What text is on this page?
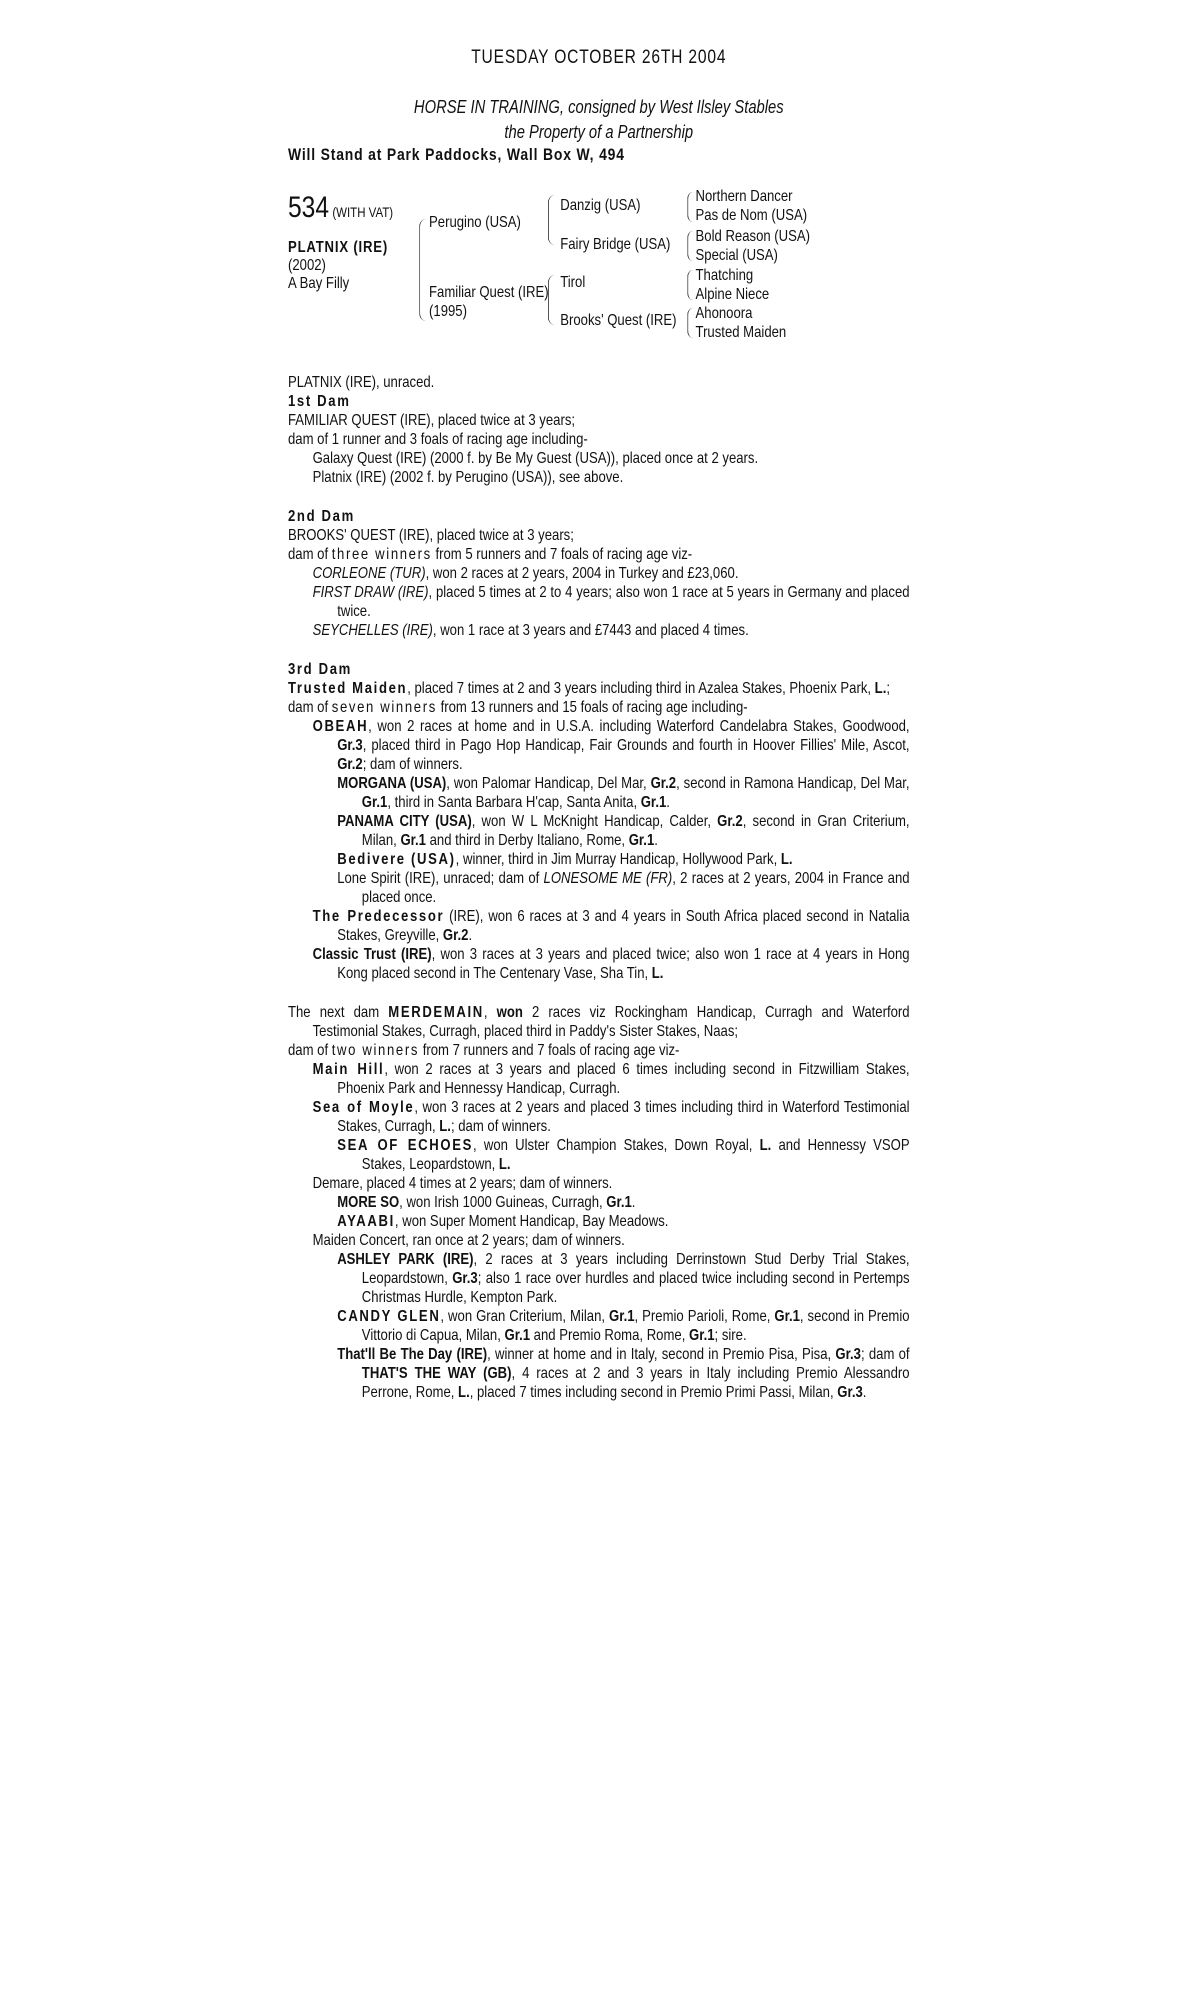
TUESDAY OCTOBER 26TH 2004
HORSE IN TRAINING, consigned by West Ilsley Stables
the Property of a Partnership
Will Stand at Park Paddocks, Wall Box W, 494
534 (WITH VAT)
PLATNIX (IRE)
(2002)
A Bay Filly
Perugino (USA)
Familiar Quest (IRE)
(1995)
Danzig (USA)
Fairy Bridge (USA)
Tirol
Brooks' Quest (IRE)
Northern Dancer
Pas de Nom (USA)
Bold Reason (USA)
Special (USA)
Thatching
Alpine Niece
Ahonoora
Trusted Maiden
PLATNIX (IRE), unraced.
1st Dam
FAMILIAR QUEST (IRE), placed twice at 3 years;
dam of 1 runner and 3 foals of racing age including-
Galaxy Quest (IRE) (2000 f. by Be My Guest (USA)), placed once at 2 years.
Platnix (IRE) (2002 f. by Perugino (USA)), see above.
2nd Dam
BROOKS' QUEST (IRE), placed twice at 3 years;
dam of three winners from 5 runners and 7 foals of racing age viz-
CORLEONE (TUR), won 2 races at 2 years, 2004 in Turkey and £23,060.
FIRST DRAW (IRE), placed 5 times at 2 to 4 years; also won 1 race at 5 years in Germany and placed twice.
SEYCHELLES (IRE), won 1 race at 3 years and £7443 and placed 4 times.
3rd Dam
Trusted Maiden, placed 7 times at 2 and 3 years including third in Azalea Stakes, Phoenix Park, L.;
dam of seven winners from 13 runners and 15 foals of racing age including-
OBEAH, won 2 races at home and in U.S.A. including Waterford Candelabra Stakes, Goodwood, Gr.3, placed third in Pago Hop Handicap, Fair Grounds and fourth in Hoover Fillies' Mile, Ascot, Gr.2; dam of winners.
MORGANA (USA), won Palomar Handicap, Del Mar, Gr.2, second in Ramona Handicap, Del Mar, Gr.1, third in Santa Barbara H'cap, Santa Anita, Gr.1.
PANAMA CITY (USA), won W L McKnight Handicap, Calder, Gr.2, second in Gran Criterium, Milan, Gr.1 and third in Derby Italiano, Rome, Gr.1.
Bedivere (USA), winner, third in Jim Murray Handicap, Hollywood Park, L.
Lone Spirit (IRE), unraced; dam of LONESOME ME (FR), 2 races at 2 years, 2004 in France and placed once.
The Predecessor (IRE), won 6 races at 3 and 4 years in South Africa placed second in Natalia Stakes, Greyville, Gr.2.
Classic Trust (IRE), won 3 races at 3 years and placed twice; also won 1 race at 4 years in Hong Kong placed second in The Centenary Vase, Sha Tin, L.
The next dam MERDEMAIN, won 2 races viz Rockingham Handicap, Curragh and Waterford Testimonial Stakes, Curragh, placed third in Paddy's Sister Stakes, Naas;
dam of two winners from 7 runners and 7 foals of racing age viz-
Main Hill, won 2 races at 3 years and placed 6 times including second in Fitzwilliam Stakes, Phoenix Park and Hennessy Handicap, Curragh.
Sea of Moyle, won 3 races at 2 years and placed 3 times including third in Waterford Testimonial Stakes, Curragh, L.; dam of winners.
SEA OF ECHOES, won Ulster Champion Stakes, Down Royal, L. and Hennessy VSOP Stakes, Leopardstown, L.
Demare, placed 4 times at 2 years; dam of winners.
MORE SO, won Irish 1000 Guineas, Curragh, Gr.1.
AYAABI, won Super Moment Handicap, Bay Meadows.
Maiden Concert, ran once at 2 years; dam of winners.
ASHLEY PARK (IRE), 2 races at 3 years including Derrinstown Stud Derby Trial Stakes, Leopardstown, Gr.3; also 1 race over hurdles and placed twice including second in Pertemps Christmas Hurdle, Kempton Park.
CANDY GLEN, won Gran Criterium, Milan, Gr.1, Premio Parioli, Rome, Gr.1, second in Premio Vittorio di Capua, Milan, Gr.1 and Premio Roma, Rome, Gr.1; sire.
That'll Be The Day (IRE), winner at home and in Italy, second in Premio Pisa, Pisa, Gr.3; dam of THAT'S THE WAY (GB), 4 races at 2 and 3 years in Italy including Premio Alessandro Perrone, Rome, L., placed 7 times including second in Premio Primi Passi, Milan, Gr.3.
